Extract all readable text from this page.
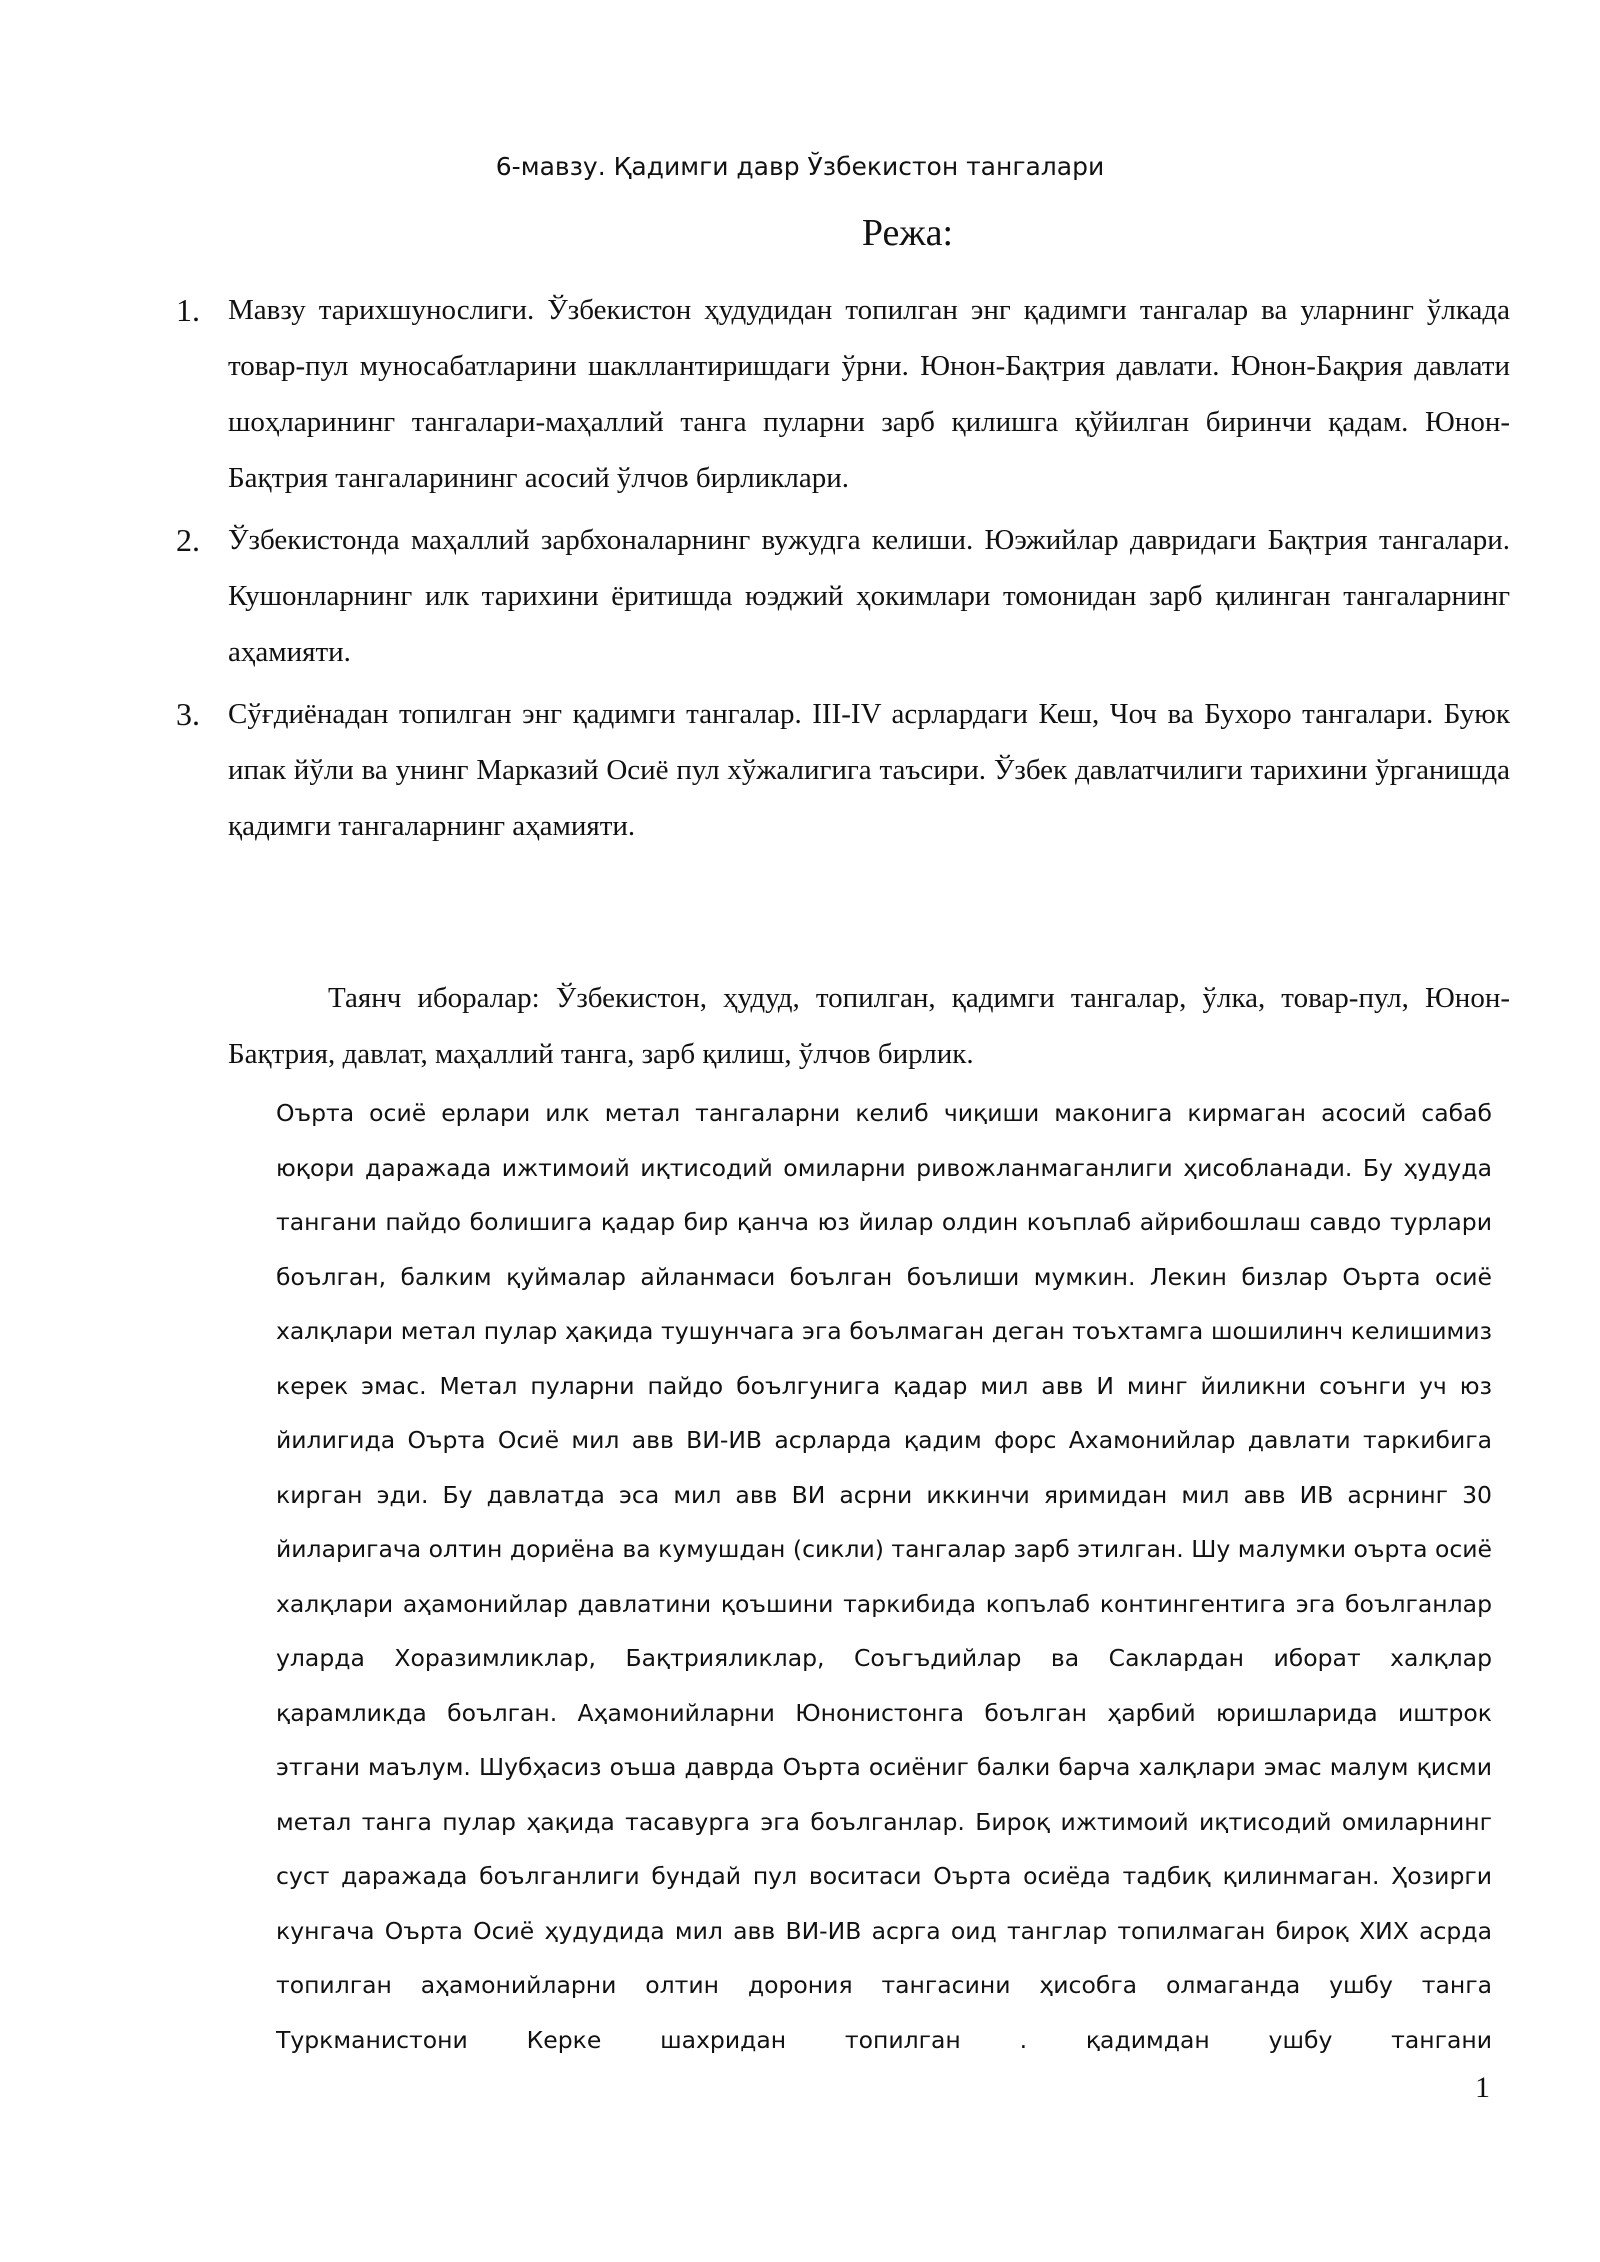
6-мавзу. Қадимги давр Ўзбекистон тангалари
Режа:
1. Мавзу тарихшунослиги. Ўзбекистон ҳудудидан топилган энг қадимги тангалар ва уларнинг ўлкада товар-пул муносабатларини шакллантиришдаги ўрни. Юнон-Бақтрия давлати. Юнон-Бақрия давлати шоҳларининг тангалари-маҳаллий танга пуларни зарб қилишга қўйилган биринчи қадам. Юнон-Бақтрия тангаларининг асосий ўлчов бирликлари.
2. Ўзбекистонда маҳаллий зарбхоналарнинг вужудга келиши. Юэжийлар давридаги Бақтрия тангалари. Кушонларнинг илк тарихини ёритишда юэджий ҳокимлари томонидан зарб қилинган тангаларнинг аҳамияти.
3. Сўғдиёнадан топилган энг қадимги тангалар. III-IV асрлардаги Кеш, Чоч ва Бухоро тангалари. Буюк ипак йўли ва унинг Марказий Осиё пул хўжалигига таъсири. Ўзбек давлатчилиги тарихини ўрганишда қадимги тангаларнинг аҳамияти.

Таянч иборалар: Ўзбекистон, ҳудуд, топилган, қадимги тангалар, ўлка, товар-пул, Юнон-Бақтрия, давлат, маҳаллий танга, зарб қилиш, ўлчов бирлик.

Оърта осиё ерлари илк метал тангаларни келиб чиқиши маконига кирмаган асосий сабаб юқори даражада ижтимоий иқтисодий омиларни ривожланмаганлиги ҳисобланади. Бу ҳудуда тангани пайдо болишига қадар бир қанча юз йилар олдин коъплаб айрибошлаш савдо турлари боълган, балким қуймалар айланмаси боълган боълиши мумкин. Лекин бизлар Оърта осиё халқлари метал пулар ҳақида тушунчага эга боълмаган деган тоъхтамга шошилинч келишимиз керек эмас. Метал пуларни пайдо боългунига қадар мил авв И минг йиликни соънги уч юз йилигида Оърта Осиё мил авв ВИ-ИВ асрларда қадим форс Ахамонийлар давлати таркибига кирган эди. Бу давлатда эса мил авв ВИ асрни иккинчи яримидан мил авв ИВ асрнинг 30 йиларигача олтин дориёна ва кумушдан (сикли) тангалар зарб этилган. Шу малумки оърта осиё халқлари аҳамонийлар давлатини қоъшини таркибида копълаб контингентига эга боълганлар уларда Хоразимликлар, Бақтрияликлар, Соъгъдийлар ва Саклардан иборат халқлар қарамликда боълган. Аҳамонийларни Юнонистонга боълган ҳарбий юришларида иштрок этгани маълум. Шубҳасиз оъша даврда Оърта осиёниг балки барча халқлари эмас малум қисми метал танга пулар ҳақида тасавурга эга боълганлар. Бироқ ижтимоий иқтисодий омиларнинг суст даражада боълганлиги бундай пул воситаси Оърта осиёда тадбиқ қилинмаган. Ҳозирги кунгача Оърта Осиё ҳудудида мил авв ВИ-ИВ асрга оид танглар топилмаган бироқ ХИХ асрда топилган аҳамонийларни олтин дорония тангасини ҳисобга олмаганда ушбу танга Туркманистони Керке шахридан топилган . қадимдан ушбу тангани

1
